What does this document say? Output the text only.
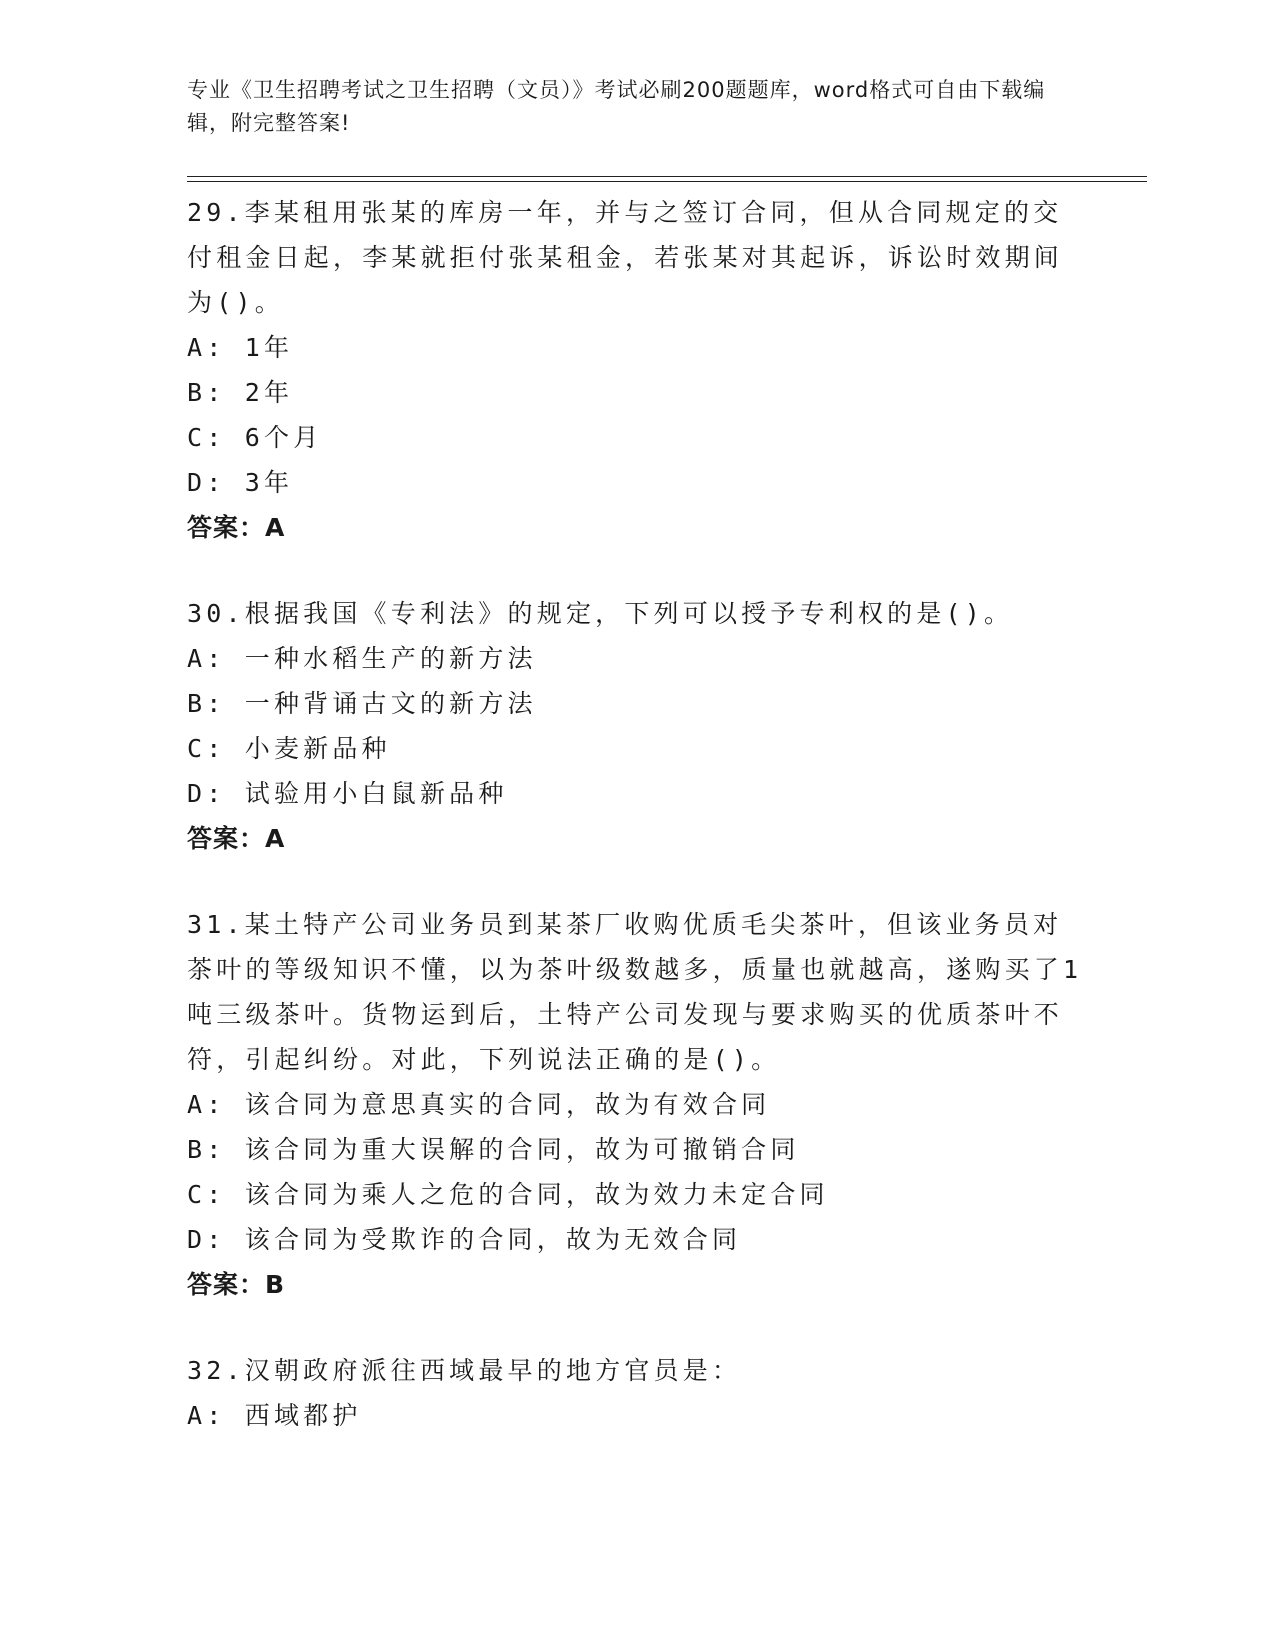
专业《卫生招聘考试之卫生招聘（文员）》考试必刷200题题库，word格式可自由下载编辑，附完整答案!
29.李某租用张某的库房一年，并与之签订合同，但从合同规定的交付租金日起，李某就拒付张某租金，若张某对其起诉，诉讼时效期间为()。
A: 1年
B: 2年
C: 6个月
D: 3年
答案：A
30.根据我国《专利法》的规定，下列可以授予专利权的是()。
A: 一种水稻生产的新方法
B: 一种背诵古文的新方法
C: 小麦新品种
D: 试验用小白鼠新品种
答案：A
31.某土特产公司业务员到某茶厂收购优质毛尖茶叶，但该业务员对茶叶的等级知识不懂，以为茶叶级数越多，质量也就越高，遂购买了1吨三级茶叶。货物运到后，土特产公司发现与要求购买的优质茶叶不符，引起纠纷。对此，下列说法正确的是()。
A: 该合同为意思真实的合同，故为有效合同
B: 该合同为重大误解的合同，故为可撤销合同
C: 该合同为乘人之危的合同，故为效力未定合同
D: 该合同为受欺诈的合同，故为无效合同
答案：B
32.汉朝政府派往西域最早的地方官员是：
A: 西域都护
